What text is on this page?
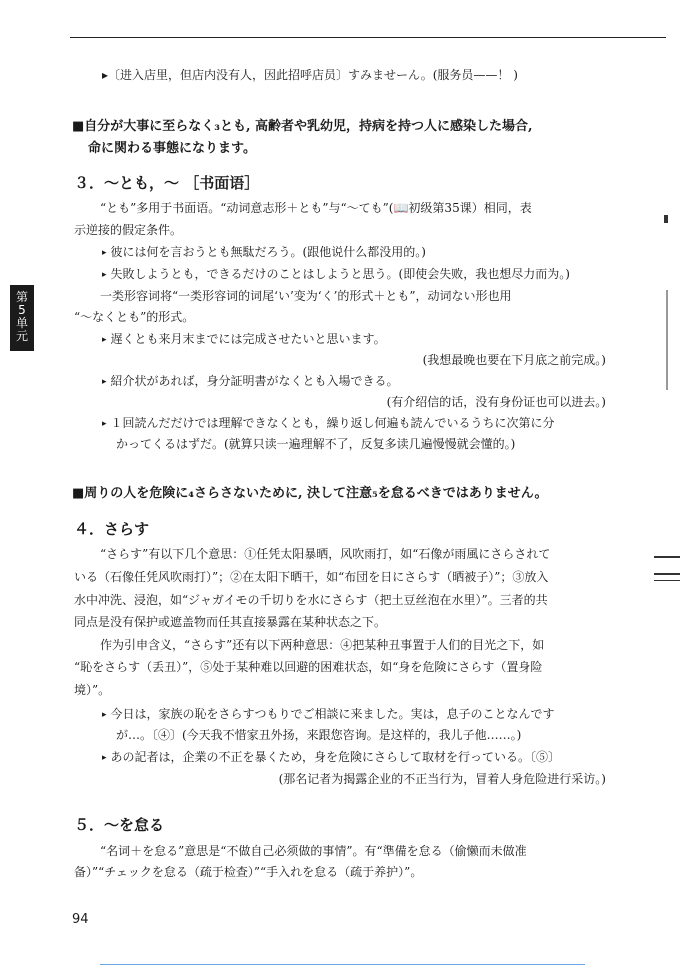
第
5
单
元
▸〔进入店里，但店内没有人，因此招呼店员〕すみませーん。(服务员——！ )
■自分が大事に至らなく₃とも, 高齢者や乳幼児，持病を持つ人に感染した場合,
命に関わる事態になります。
３．～とも，～ ［书面语］
“とも”多用于书面语。“动词意志形＋とも”与“～ても”(📖初级第35课）相同，表
示逆接的假定条件。
▸ 彼には何を言おうとも無駄だろう。(跟他说什么都没用的。)
▸ 失敗しようとも，できるだけのことはしようと思う。(即使会失败，我也想尽力而为。)
一类形容词将“一类形容词的词尾‘い’变为‘く’的形式＋とも”，动词ない形也用
“～なくとも”的形式。
▸ 遅くとも来月末までには完成させたいと思います。
(我想最晚也要在下月底之前完成。)
▸ 紹介状があれば，身分証明書がなくとも入場できる。
(有介绍信的话，没有身份证也可以进去。)
▸ １回読んだだけでは理解できなくとも，繰り返し何遍も読んでいるうちに次第に分
かってくるはずだ。(就算只读一遍理解不了，反复多读几遍慢慢就会懂的。)
■周りの人を危険に₄さらさないために, 決して注意₅を怠るべきではありません。
４．さらす
“さらす”有以下几个意思：①任凭太阳暴晒，风吹雨打，如“石像が雨風にさらされて
いる（石像任凭风吹雨打）”；②在太阳下晒干，如“布団を日にさらす（晒被子）”；③放入
水中冲洗、浸泡，如“ジャガイモの千切りを水にさらす（把土豆丝泡在水里）”。三者的共
同点是没有保护或遮盖物而任其直接暴露在某种状态之下。
作为引申含义，“さらす”还有以下两种意思：④把某种丑事置于人们的目光之下，如
“恥をさらす（丢丑）”，⑤处于某种难以回避的困难状态，如“身を危険にさらす（置身险
境）”。
▸ 今日は，家族の恥をさらすつもりでご相談に来ました。実は，息子のことなんです
が…。〔④〕(今天我不惜家丑外扬，来跟您咨询。是这样的，我儿子他……。)
▸ あの記者は，企業の不正を暴くため，身を危険にさらして取材を行っている。〔⑤〕
(那名记者为揭露企业的不正当行为，冒着人身危险进行采访。)
５．～を怠る
“名词＋を怠る”意思是“不做自己必须做的事情”。有“準備を怠る（偷懒而未做准
备）”“チェックを怠る（疏于检查）”“手入れを怠る（疏于养护）”。
94
